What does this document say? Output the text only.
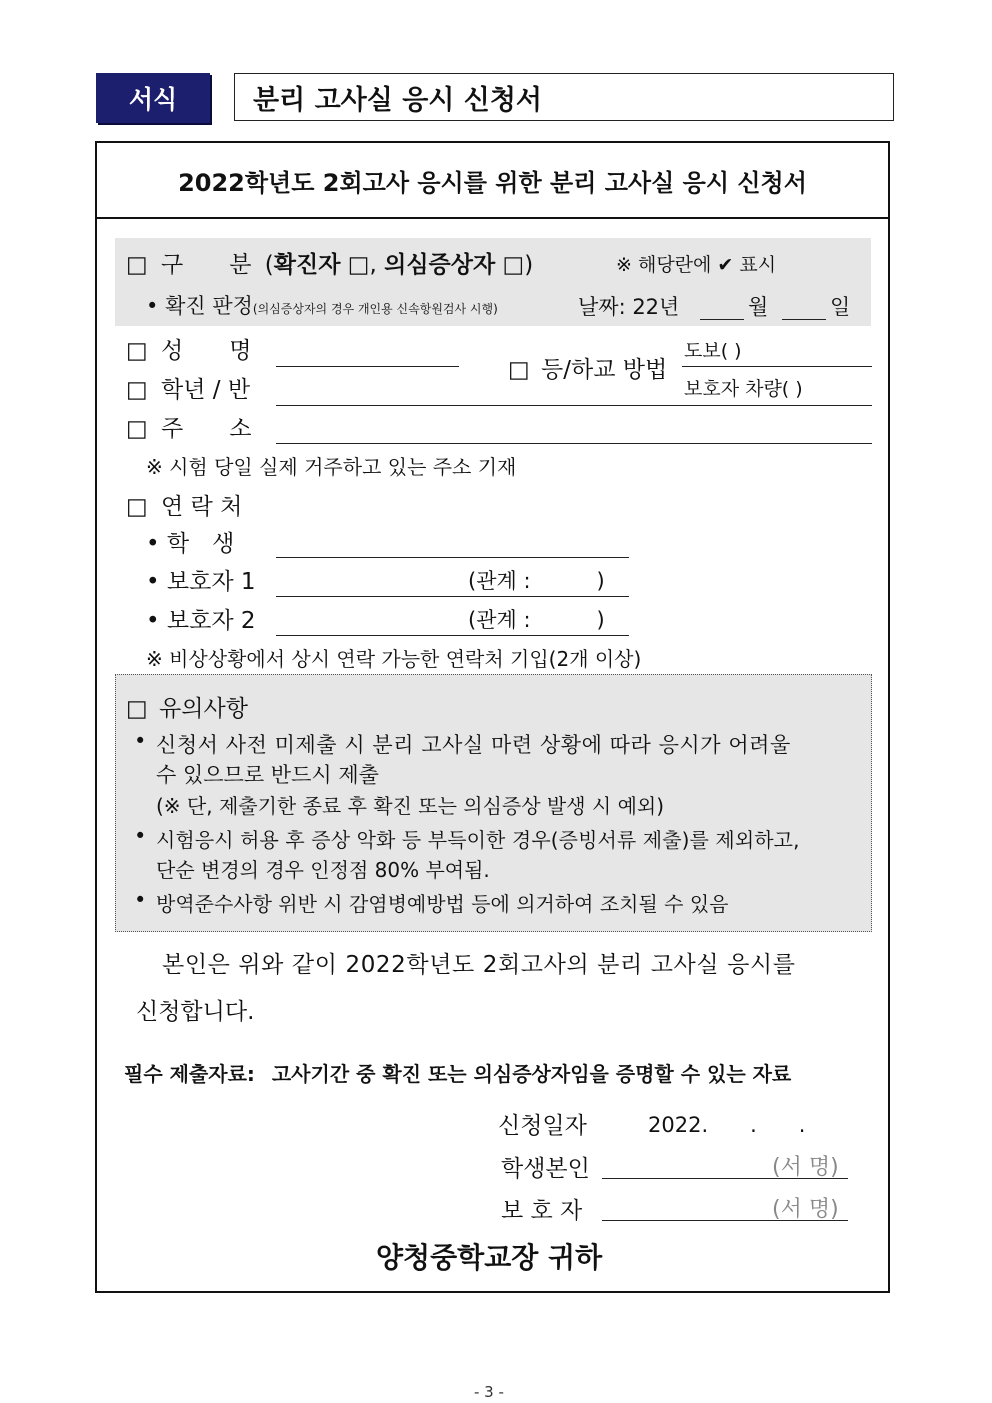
서식	분리 고사실 응시 신청서
2022학년도 2회고사 응시를 위한 분리 고사실 응시 신청서
□ 구　　분 (확진자 □, 의심증상자 □)	※ 해당란에 ✔ 표시
• 확진 판정(의심증상자의 경우 개인용 신속항원검사 시행)	날짜: 22년	월	일
□ 성　　명
□ 학년 / 반
□ 등/하교 방법
도보( )
보호자 차량( )
□ 주　　소
※ 시험 당일 실제 거주하고 있는 주소 기재
□ 연 락 처
• 학　생
• 보호자 1	(관계 :	)
• 보호자 2	(관계 :	)
※ 비상상황에서 상시 연락 가능한 연락처 기입(2개 이상)
□ 유의사항
• 신청서 사전 미제출 시 분리 고사실 마련 상황에 따라 응시가 어려울
수 있으므로 반드시 제출
(※ 단, 제출기한 종료 후 확진 또는 의심증상 발생 시 예외)
• 시험응시 허용 후 증상 악화 등 부득이한 경우(증빙서류 제출)를 제외하고,
단순 변경의 경우 인정점 80% 부여됨.
• 방역준수사항 위반 시 감염병예방법 등에 의거하여 조치될 수 있음
본인은 위와 같이 2022학년도 2회고사의 분리 고사실 응시를
신청합니다.
필수 제출자료: 고사기간 중 확진 또는 의심증상자임을 증명할 수 있는 자료
신청일자	2022.　　.　　.
학생본인	(서 명)
보 호 자	(서 명)
양청중학교장 귀하
- 3 -
